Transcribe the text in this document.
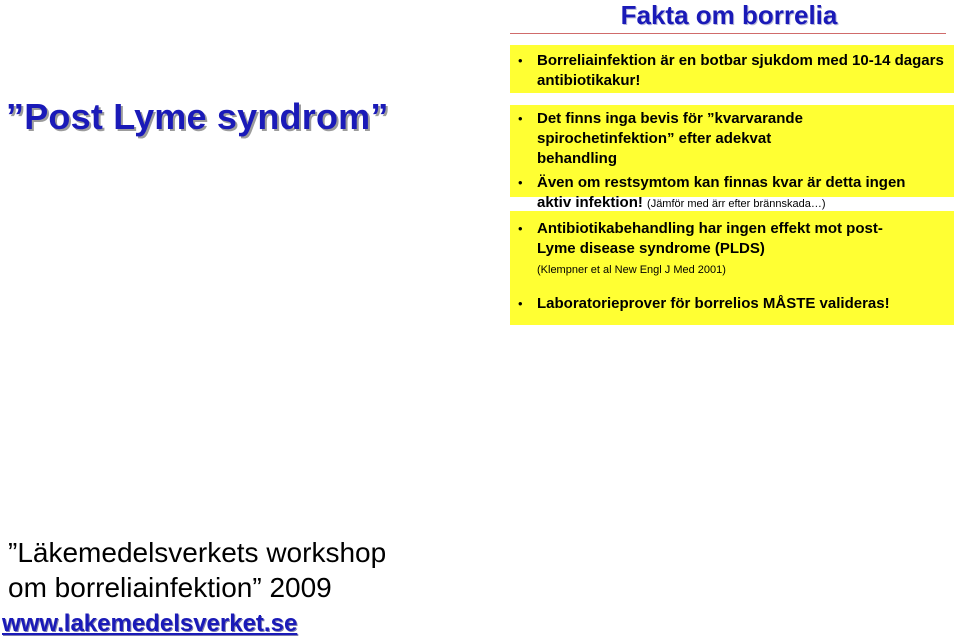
Fakta om borrelia
”Post Lyme syndrom”
• Borreliainfektion är en botbar sjukdom med 10-14 dagars antibiotikakur!
• Det finns inga bevis för ”kvarvarande spirochetinfektion” efter adekvat behandling
• Även om restsymtom kan finnas kvar är detta ingen aktiv infektion! (Jämför med ärr efter brännskada…)
• Antibiotikabehandling har ingen effekt mot post-Lyme disease syndrome (PLDS)
(Klempner et al New Engl J Med 2001)
• Laboratorieprover för borrelios MÅSTE valideras!
”Läkemedelsverkets workshop
om borreliainfektion” 2009
www.lakemedelsverket.se
